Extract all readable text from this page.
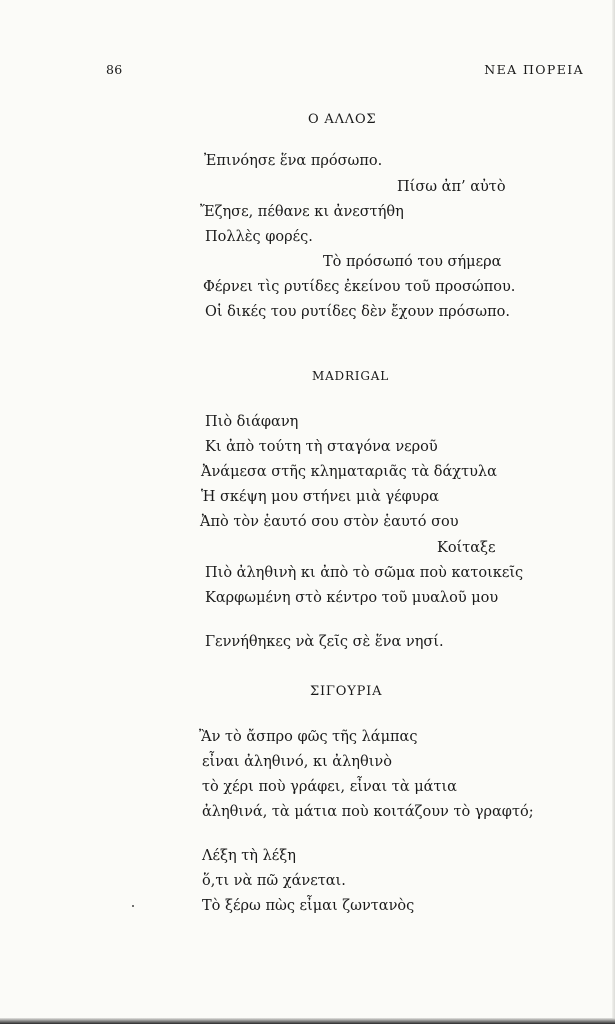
86	ΝΕΑ ΠΟΡΕΙΑ
Ο ΑΛΛΟΣ
Ἐπινόησε ἕνα πρόσωπο.
Πίσω ἀπ’ αὐτὸ
Ἔζησε, πέθανε κι ἀνεστήθη
Πολλὲς φορές.
Τὸ πρόσωπό του σήμερα
Φέρνει τὶς ρυτίδες ἐκείνου τοῦ προσώπου.
Οἱ δικές του ρυτίδες δὲν ἔχουν πρόσωπο.
MADRIGAL
Πιὸ διάφανη
Κι ἀπὸ τούτη τὴ σταγόνα νεροῦ
Ἀνάμεσα στῆς κληματαριᾶς τὰ δάχτυλα
Ἡ σκέψη μου στήνει μιὰ γέφυρα
Ἀπὸ τὸν ἑαυτό σου στὸν ἑαυτό σου
Κοίταξε
Πιὸ ἀληθινὴ κι ἀπὸ τὸ σῶμα ποὺ κατοικεῖς
Καρφωμένη στὸ κέντρο τοῦ μυαλοῦ μου
Γεννήθηκες νὰ ζεῖς σὲ ἕνα νησί.
ΣΙΓΟΥΡΙΑ
Ἂν τὸ ἄσπρο φῶς τῆς λάμπας
εἶναι ἀληθινό, κι ἀληθινὸ
τὸ χέρι ποὺ γράφει, εἶναι τὰ μάτια
ἀληθινά, τὰ μάτια ποὺ κοιτάζουν τὸ γραφτό;
Λέξη τὴ λέξη
ὅ,τι νὰ πῶ χάνεται.
Τὸ ξέρω πὼς εἶμαι ζωντανὸς
